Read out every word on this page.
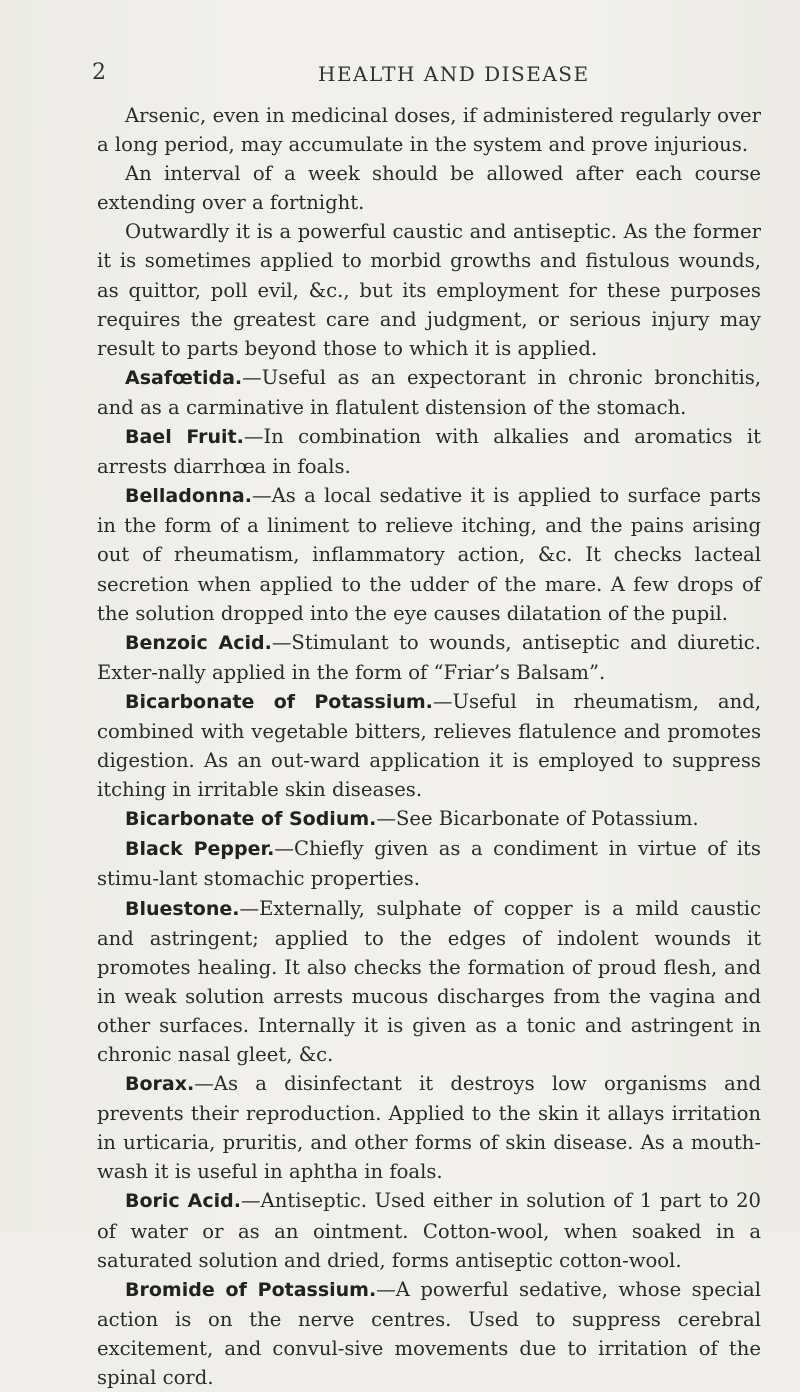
2	HEALTH AND DISEASE

Arsenic, even in medicinal doses, if administered regularly over a long period, may accumulate in the system and prove injurious.

An interval of a week should be allowed after each course extending over a fortnight.

Outwardly it is a powerful caustic and antiseptic. As the former it is sometimes applied to morbid growths and fistulous wounds, as quittor, poll evil, &c., but its employment for these purposes requires the greatest care and judgment, or serious injury may result to parts beyond those to which it is applied.

Asafœtida.—Useful as an expectorant in chronic bronchitis, and as a carminative in flatulent distension of the stomach.

Bael Fruit.—In combination with alkalies and aromatics it arrests diarrhœa in foals.

Belladonna.—As a local sedative it is applied to surface parts in the form of a liniment to relieve itching, and the pains arising out of rheumatism, inflammatory action, &c. It checks lacteal secretion when applied to the udder of the mare. A few drops of the solution dropped into the eye causes dilatation of the pupil.

Benzoic Acid.—Stimulant to wounds, antiseptic and diuretic. Exter-nally applied in the form of “Friar’s Balsam”.

Bicarbonate of Potassium.—Useful in rheumatism, and, combined with vegetable bitters, relieves flatulence and promotes digestion. As an out-ward application it is employed to suppress itching in irritable skin diseases.

Bicarbonate of Sodium.—See Bicarbonate of Potassium.

Black Pepper.—Chiefly given as a condiment in virtue of its stimu-lant stomachic properties.

Bluestone.—Externally, sulphate of copper is a mild caustic and astringent; applied to the edges of indolent wounds it promotes healing. It also checks the formation of proud flesh, and in weak solution arrests mucous discharges from the vagina and other surfaces. Internally it is given as a tonic and astringent in chronic nasal gleet, &c.

Borax.—As a disinfectant it destroys low organisms and prevents their reproduction. Applied to the skin it allays irritation in urticaria, pruritis, and other forms of skin disease. As a mouth-wash it is useful in aphtha in foals.

Boric Acid.—Antiseptic. Used either in solution of 1 part to 20 of water or as an ointment. Cotton-wool, when soaked in a saturated solution and dried, forms antiseptic cotton-wool.

Bromide of Potassium.—A powerful sedative, whose special action is on the nerve centres. Used to suppress cerebral excitement, and convul-sive movements due to irritation of the spinal cord.
